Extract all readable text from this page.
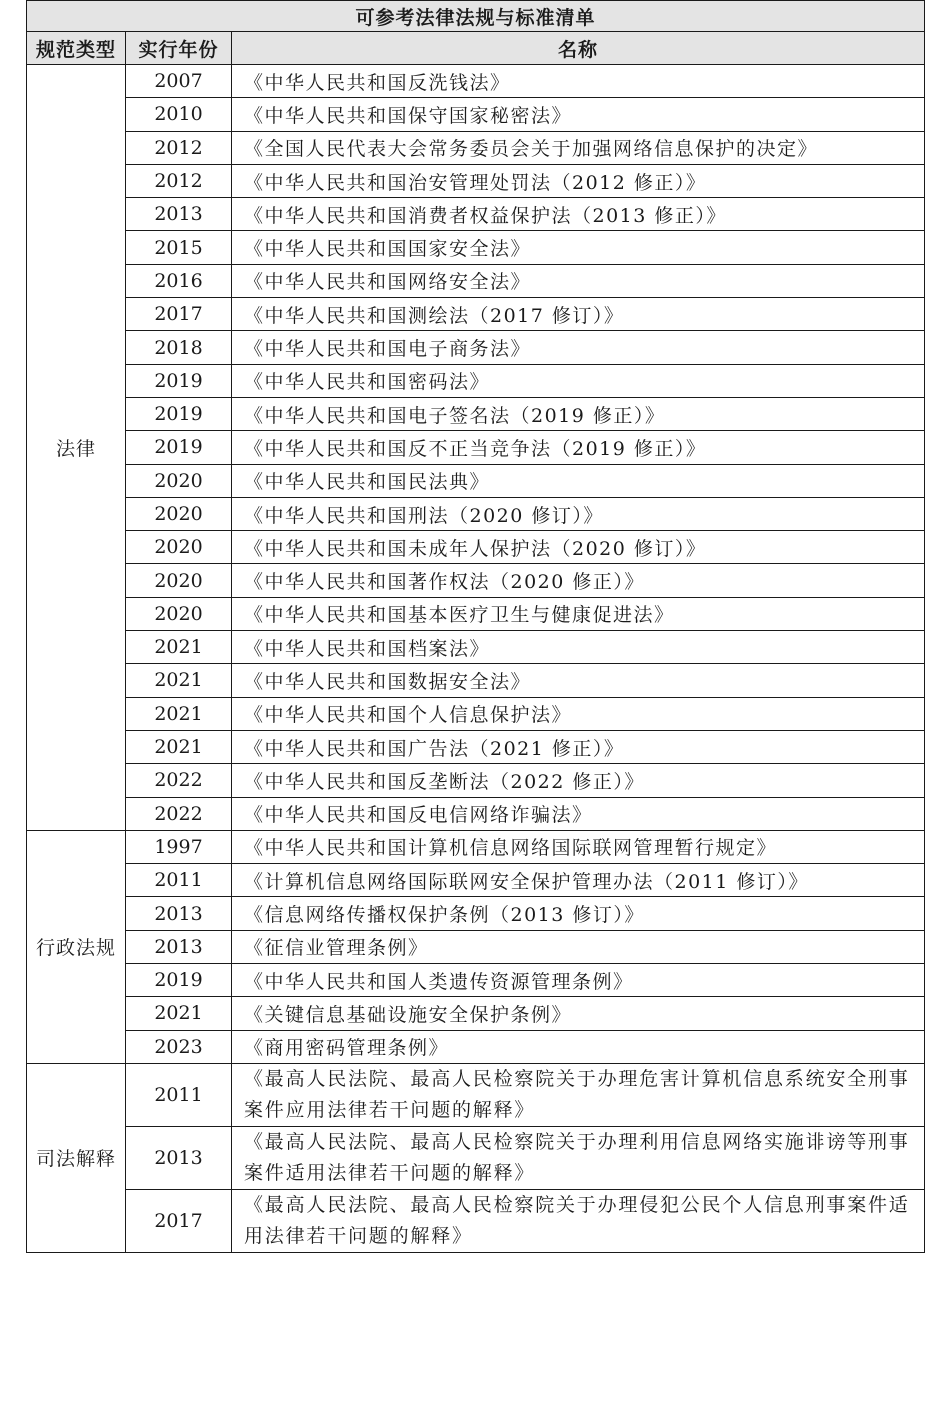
可参考法律法规与标准清单		
规范类型	实行年份	名称
法律	2007	《中华人民共和国反洗钱法》
	2010	《中华人民共和国保守国家秘密法》
	2012	《全国人民代表大会常务委员会关于加强网络信息保护的决定》
	2012	《中华人民共和国治安管理处罚法（2012 修正）》
	2013	《中华人民共和国消费者权益保护法（2013 修正）》
	2015	《中华人民共和国国家安全法》
	2016	《中华人民共和国网络安全法》
	2017	《中华人民共和国测绘法（2017 修订）》
	2018	《中华人民共和国电子商务法》
	2019	《中华人民共和国密码法》
	2019	《中华人民共和国电子签名法（2019 修正）》
	2019	《中华人民共和国反不正当竞争法（2019 修正）》
	2020	《中华人民共和国民法典》
	2020	《中华人民共和国刑法（2020 修订）》
	2020	《中华人民共和国未成年人保护法（2020 修订）》
	2020	《中华人民共和国著作权法（2020 修正）》
	2020	《中华人民共和国基本医疗卫生与健康促进法》
	2021	《中华人民共和国档案法》
	2021	《中华人民共和国数据安全法》
	2021	《中华人民共和国个人信息保护法》
	2021	《中华人民共和国广告法（2021 修正）》
	2022	《中华人民共和国反垄断法（2022 修正）》
	2022	《中华人民共和国反电信网络诈骗法》
行政法规	1997	《中华人民共和国计算机信息网络国际联网管理暂行规定》
	2011	《计算机信息网络国际联网安全保护管理办法（2011 修订）》
	2013	《信息网络传播权保护条例（2013 修订）》
	2013	《征信业管理条例》
	2019	《中华人民共和国人类遗传资源管理条例》
	2021	《关键信息基础设施安全保护条例》
	2023	《商用密码管理条例》
司法解释	2011	《最高人民法院、最高人民检察院关于办理危害计算机信息系统安全刑事案件应用法律若干问题的解释》
	2013	《最高人民法院、最高人民检察院关于办理利用信息网络实施诽谤等刑事案件适用法律若干问题的解释》
	2017	《最高人民法院、最高人民检察院关于办理侵犯公民个人信息刑事案件适用法律若干问题的解释》
